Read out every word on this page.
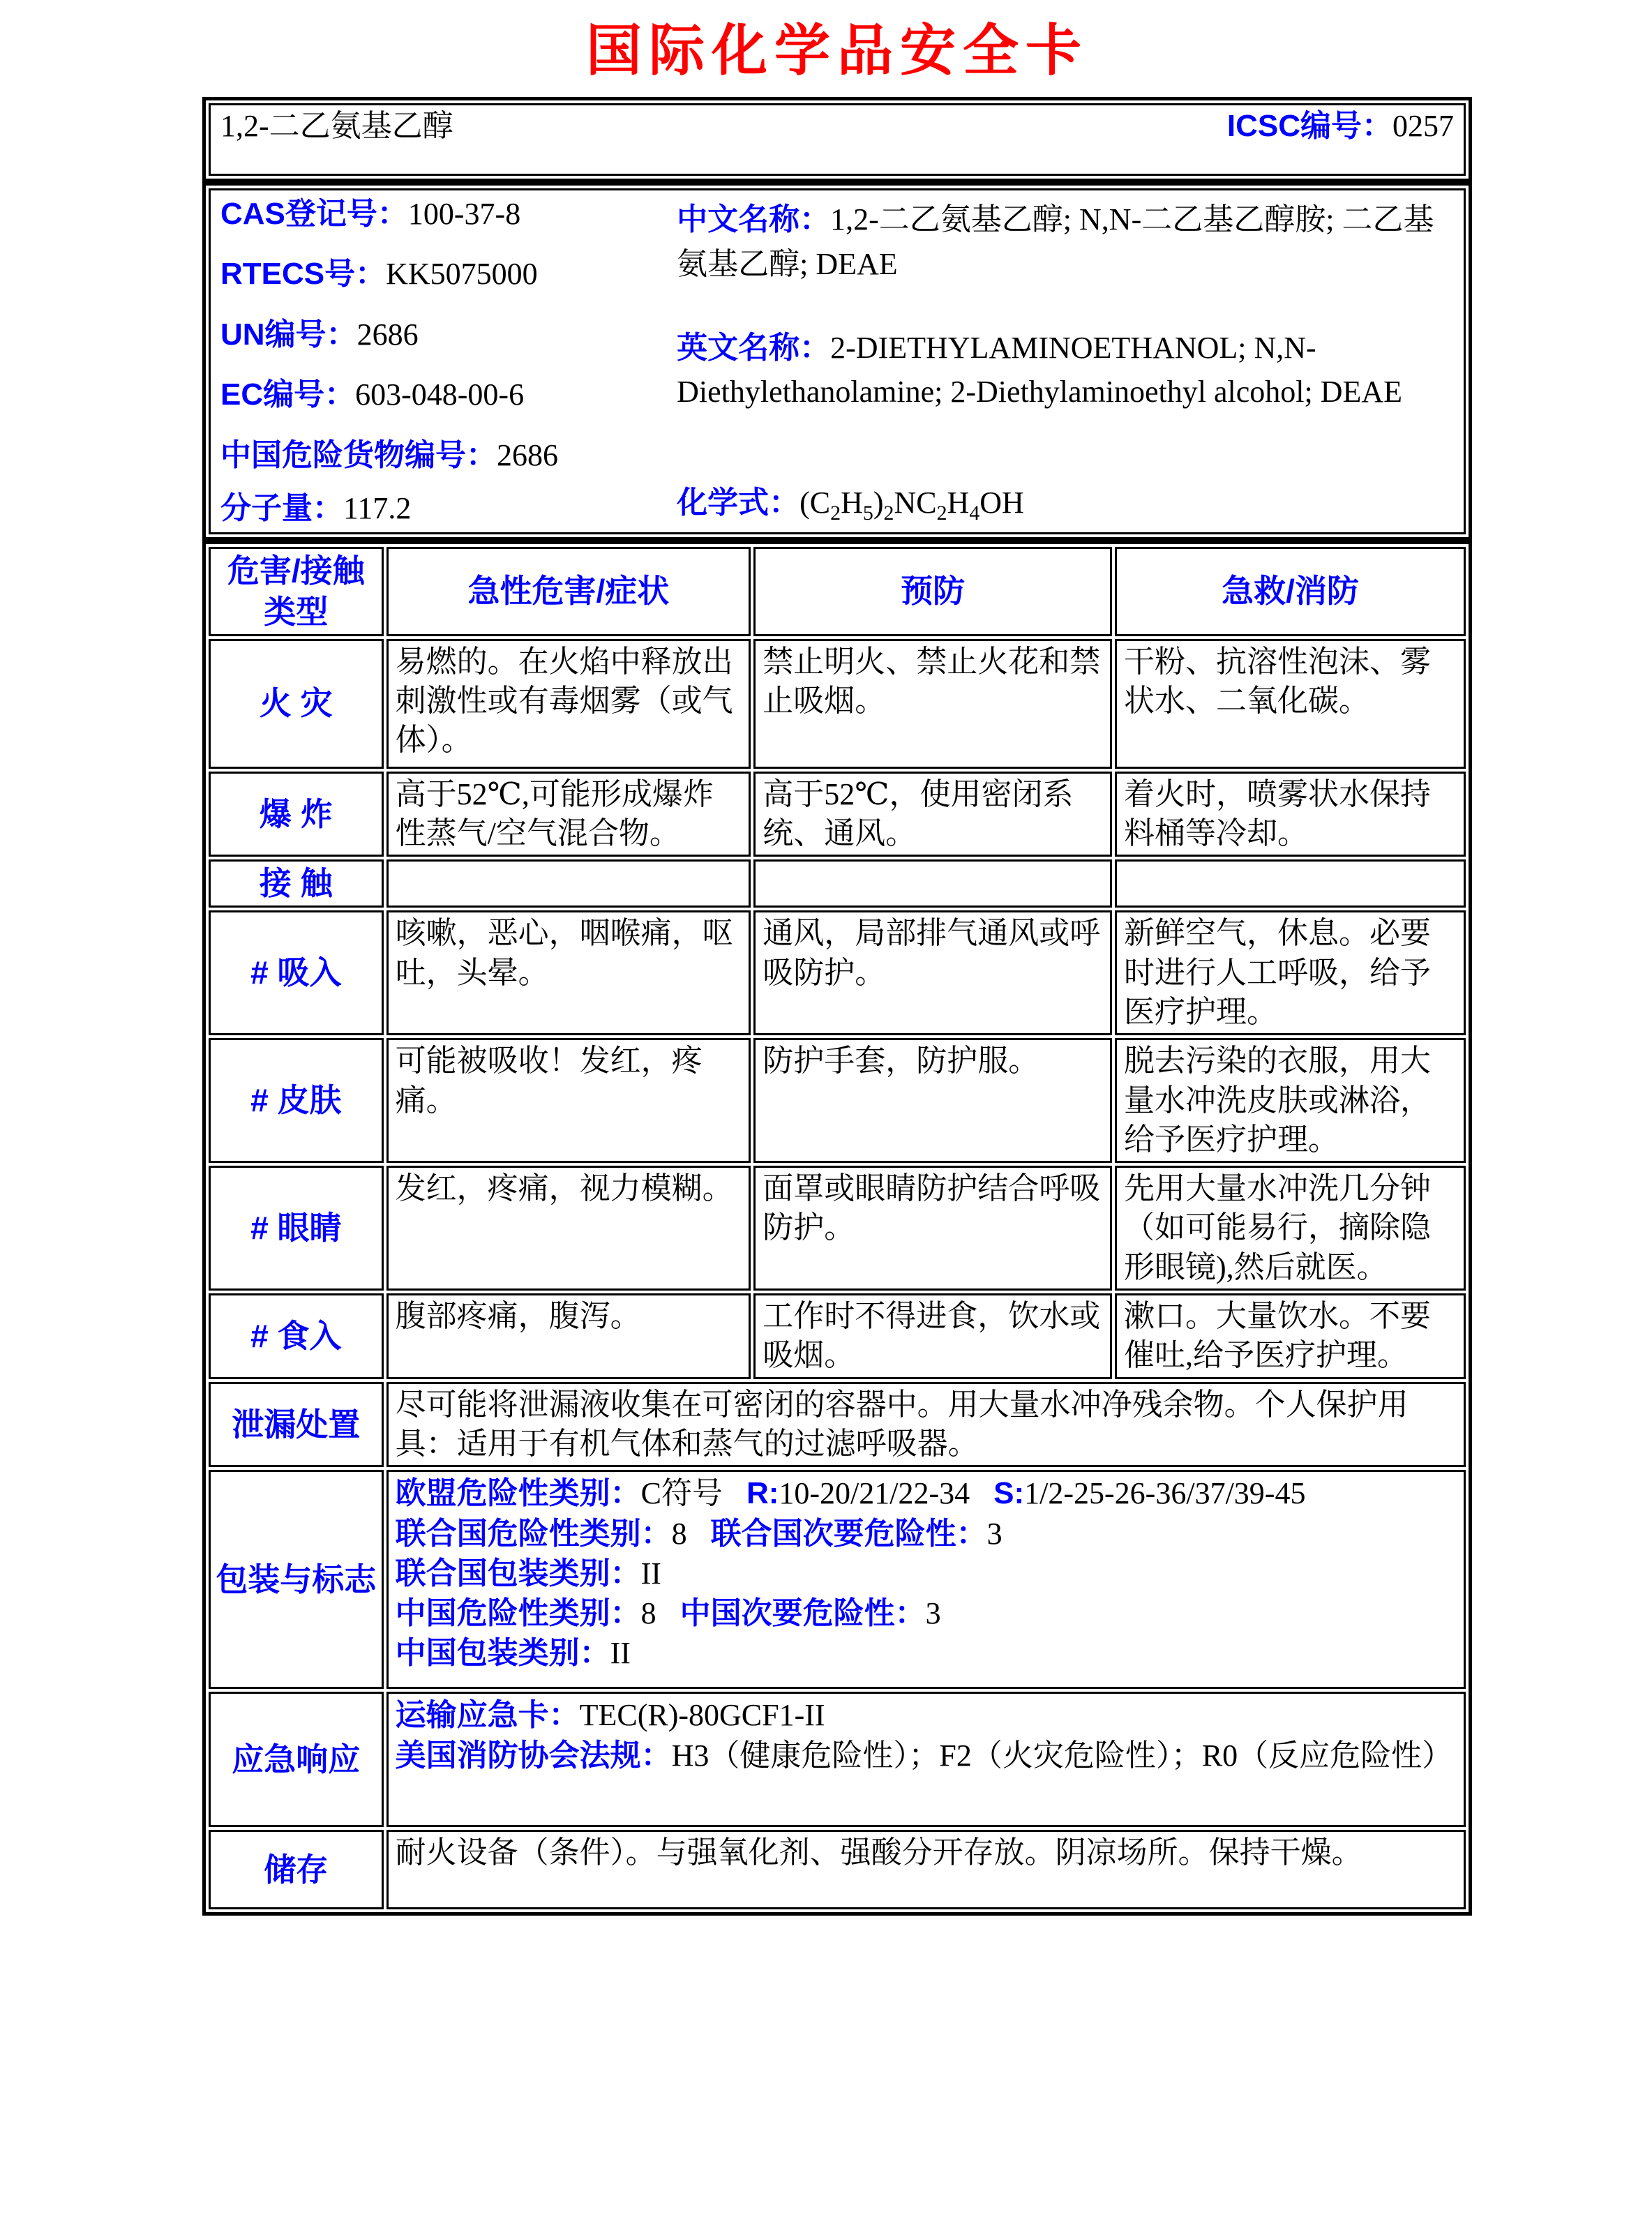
国际化学品安全卡
1,2-二乙氨基乙醇	ICSC编号：0257
CAS登记号：100-37-8
RTECS号：KK5075000
UN编号：2686
EC编号：603-048-00-6
中国危险货物编号：2686
分子量：117.2

中文名称：1,2-二乙氨基乙醇; N,N-二乙基乙醇胺; 二乙基氨基乙醇; DEAE

英文名称：2-DIETHYLAMINOETHANOL; N,N-Diethylethanolamine; 2-Diethylaminoethyl alcohol; DEAE

化学式：$(C_2H_5)_2NC_2H_4OH$
危害/接触
类型	急性危害/症状	预防	急救/消防
火 灾	易燃的。在火焰中释放出刺激性或有毒烟雾（或气体）。	禁止明火、禁止火花和禁止吸烟。	干粉、抗溶性泡沫、雾状水、二氧化碳。
爆 炸	高于52℃,可能形成爆炸性蒸气/空气混合物。	高于52℃，使用密闭系统、通风。	着火时，喷雾状水保持料桶等冷却。
接 触			
# 吸入	咳嗽，恶心，咽喉痛，呕吐，头晕。	通风，局部排气通风或呼吸防护。	新鲜空气，休息。必要时进行人工呼吸，给予医疗护理。
# 皮肤	可能被吸收！发红，疼痛。	防护手套，防护服。	脱去污染的衣服，用大量水冲洗皮肤或淋浴，给予医疗护理。
# 眼睛	发红，疼痛，视力模糊。	面罩或眼睛防护结合呼吸防护。	先用大量水冲洗几分钟（如可能易行，摘除隐形眼镜),然后就医。
# 食入	腹部疼痛，腹泻。	工作时不得进食，饮水或吸烟。	漱口。大量饮水。不要催吐,给予医疗护理。
泄漏处置	尽可能将泄漏液收集在可密闭的容器中。用大量水冲净残余物。个人保护用具：适用于有机气体和蒸气的过滤呼吸器。		
包装与标志	欧盟危险性类别：C符号 R:10-20/21/22-34 S:1/2-25-26-36/37/39-45
联合国危险性类别：8 联合国次要危险性：3
联合国包装类别：II
中国危险性类别：8 中国次要危险性：3
中国包装类别：II		

应急响应	运输应急卡：TEC(R)-80GCF1-II
美国消防协会法规：H3（健康危险性）；F2（火灾危险性）；R0（反应危险性）		

储存	耐火设备（条件）。与强氧化剂、强酸分开存放。阴凉场所。保持干燥。		
